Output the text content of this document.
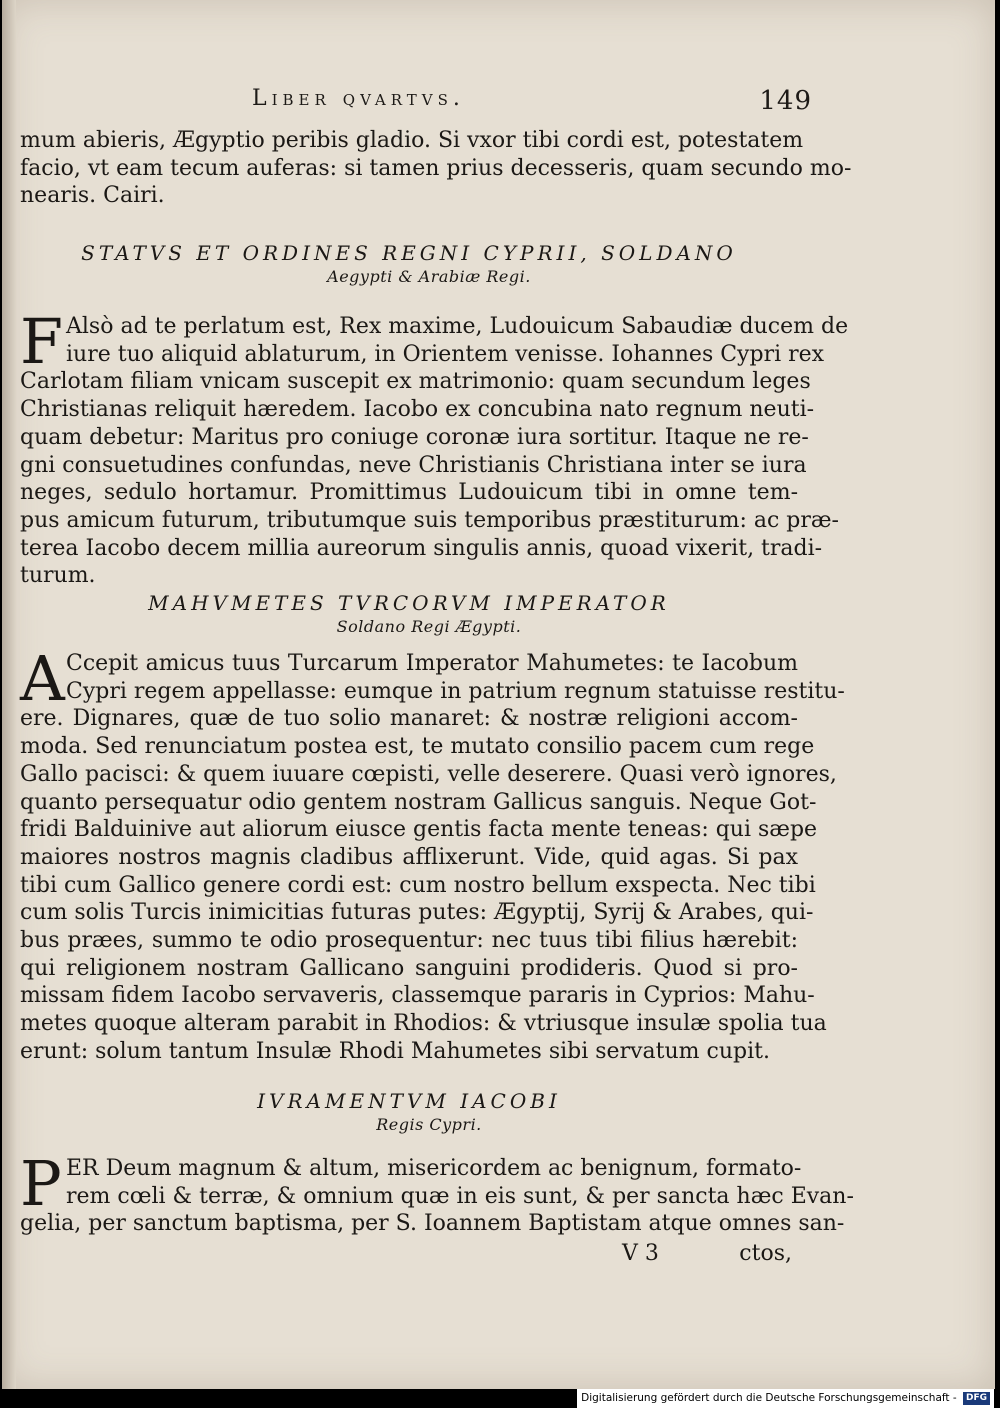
Liber qvartvs.	149
mum abieris, Ægyptio peribis gladio. Si vxor tibi cordi est, potestatem
facio, vt eam tecum auferas: si tamen prius decesseris, quam secundo mo-
nearis. Cairi.
STATVS ET ORDINES REGNI CYPRII, SOLDANO
Aegypti & Arabiæ Regi.
F Alsò ad te perlatum est, Rex maxime, Ludouicum Sabaudiæ ducem de
iure tuo aliquid ablaturum, in Orientem venisse. Iohannes Cypri rex
Carlotam filiam vnicam suscepit ex matrimonio: quam secundum leges
Christianas reliquit hæredem. Iacobo ex concubina nato regnum neuti-
quam debetur: Maritus pro coniuge coronæ iura sortitur. Itaque ne re-
gni consuetudines confundas, neve Christianis Christiana inter se iura
neges, sedulo hortamur. Promittimus Ludouicum tibi in omne tem-
pus amicum futurum, tributumque suis temporibus præstiturum: ac præ-
terea Iacobo decem millia aureorum singulis annis, quoad vixerit, tradi-
turum.
MAHVMETES TVRCORVM IMPERATOR
Soldano Regi Ægypti.
A Ccepit amicus tuus Turcarum Imperator Mahumetes: te Iacobum
Cypri regem appellasse: eumque in patrium regnum statuisse restitu-
ere. Dignares, quæ de tuo solio manaret: & nostræ religioni accom-
moda. Sed renunciatum postea est, te mutato consilio pacem cum rege
Gallo pacisci: & quem iuuare cœpisti, velle deserere. Quasi verò ignores,
quanto persequatur odio gentem nostram Gallicus sanguis. Neque Got-
fridi Balduinive aut aliorum eiusce gentis facta mente teneas: qui sæpe
maiores nostros magnis cladibus afflixerunt. Vide, quid agas. Si pax
tibi cum Gallico genere cordi est: cum nostro bellum exspecta. Nec tibi
cum solis Turcis inimicitias futuras putes: Ægyptij, Syrij & Arabes, qui-
bus præes, summo te odio prosequentur: nec tuus tibi filius hærebit:
qui religionem nostram Gallicano sanguini prodideris. Quod si pro-
missam fidem Iacobo servaveris, classemque pararis in Cyprios: Mahu-
metes quoque alteram parabit in Rhodios: & vtriusque insulæ spolia tua
erunt: solum tantum Insulæ Rhodi Mahumetes sibi servatum cupit.
IVRAMENTVM IACOBI
Regis Cypri.
P ER Deum magnum & altum, misericordem ac benignum, formato-
rem cœli & terræ, & omnium quæ in eis sunt, & per sancta hæc Evan-
gelia, per sanctum baptisma, per S. Ioannem Baptistam atque omnes san-
V 3	ctos,
Digitalisierung gefördert durch die Deutsche Forschungsgemeinschaft - DFG
